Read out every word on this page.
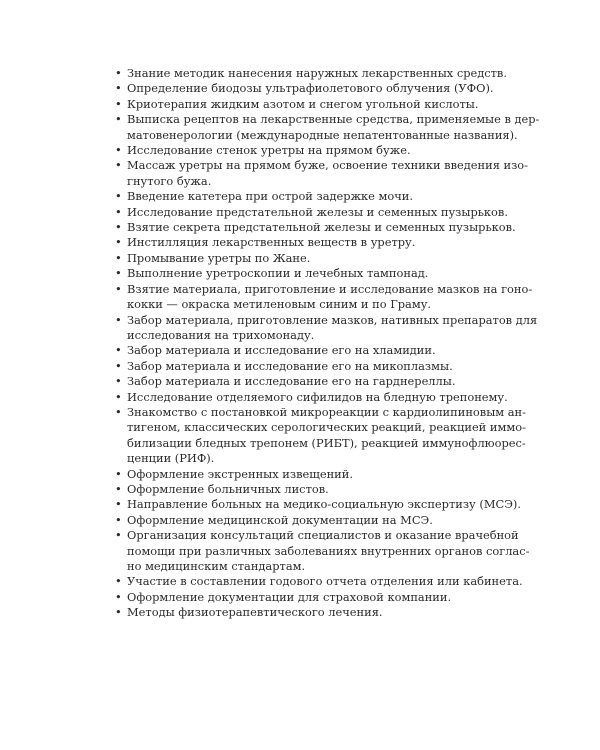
• Знание методик нанесения наружных лекарственных средств.
• Определение биодозы ультрафиолетового облучения (УФО).
• Криотерапия жидким азотом и снегом угольной кислоты.
• Выписка рецептов на лекарственные средства, применяемые в дер-
матовенерологии (международные непатентованные названия).
• Исследование стенок уретры на прямом буже.
• Массаж уретры на прямом буже, освоение техники введения изо-
гнутого бужа.
• Введение катетера при острой задержке мочи.
• Исследование предстательной железы и семенных пузырьков.
• Взятие секрета предстательной железы и семенных пузырьков.
• Инстилляция лекарственных веществ в уретру.
• Промывание уретры по Жане.
• Выполнение уретроскопии и лечебных тампонад.
• Взятие материала, приготовление и исследование мазков на гоно-
кокки — окраска метиленовым синим и по Граму.
• Забор материала, приготовление мазков, нативных препаратов для
исследования на трихомонаду.
• Забор материала и исследование его на хламидии.
• Забор материала и исследование его на микоплазмы.
• Забор материала и исследование его на гарднереллы.
• Исследование отделяемого сифилидов на бледную трепонему.
• Знакомство с постановкой микрореакции с кардиолипиновым ан-
тигеном, классических серологических реакций, реакцией иммо-
билизации бледных трепонем (РИБТ), реакцией иммунофлюорес-
ценции (РИФ).
• Оформление экстренных извещений.
• Оформление больничных листов.
• Направление больных на медико-социальную экспертизу (МСЭ).
• Оформление медицинской документации на МСЭ.
• Организация консультаций специалистов и оказание врачебной
помощи при различных заболеваниях внутренних органов соглас-
но медицинским стандартам.
• Участие в составлении годового отчета отделения или кабинета.
• Оформление документации для страховой компании.
• Методы физиотерапевтического лечения.
